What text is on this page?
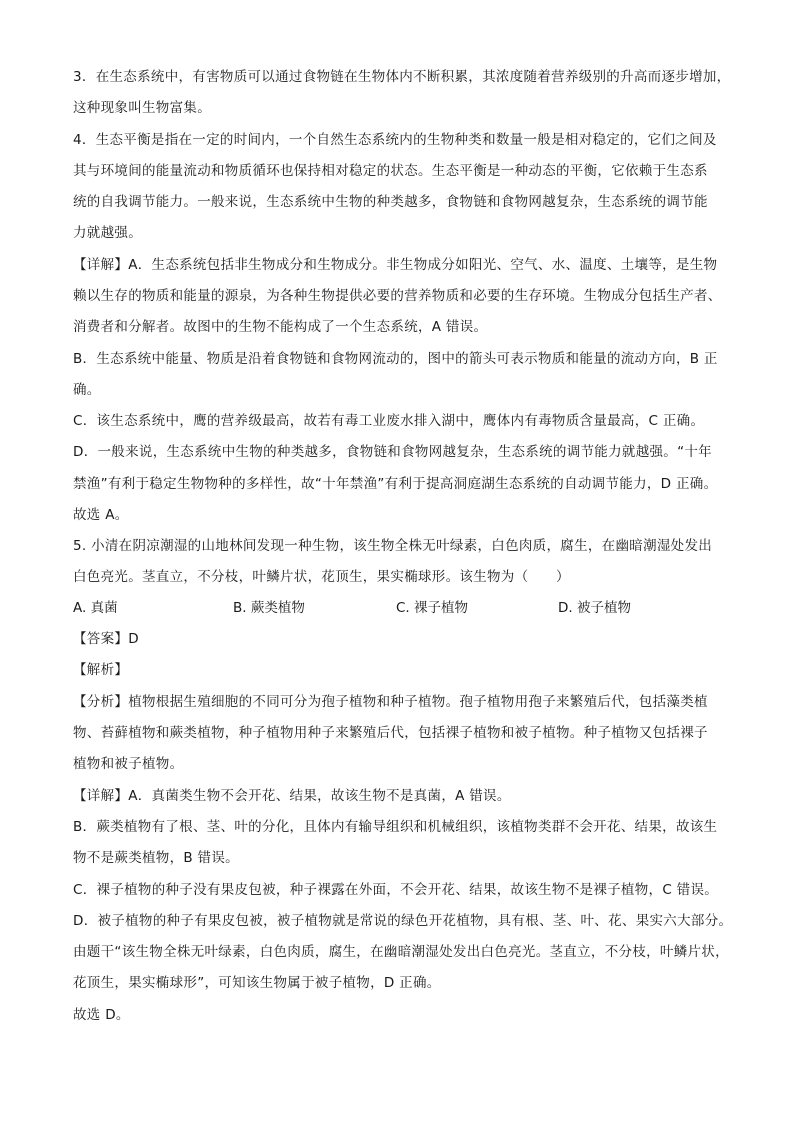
3．在生态系统中，有害物质可以通过食物链在生物体内不断积累，其浓度随着营养级别的升高而逐步增加，
这种现象叫生物富集。
4．生态平衡是指在一定的时间内，一个自然生态系统内的生物种类和数量一般是相对稳定的，它们之间及
其与环境间的能量流动和物质循环也保持相对稳定的状态。生态平衡是一种动态的平衡，它依赖于生态系
统的自我调节能力。一般来说，生态系统中生物的种类越多，食物链和食物网越复杂，生态系统的调节能
力就越强。
【详解】A．生态系统包括非生物成分和生物成分。非生物成分如阳光、空气、水、温度、土壤等，是生物
赖以生存的物质和能量的源泉，为各种生物提供必要的营养物质和必要的生存环境。生物成分包括生产者、
消费者和分解者。故图中的生物不能构成了一个生态系统，A 错误。
B．生态系统中能量、物质是沿着食物链和食物网流动的，图中的箭头可表示物质和能量的流动方向，B 正
确。
C．该生态系统中，鹰的营养级最高，故若有毒工业废水排入湖中，鹰体内有毒物质含量最高，C 正确。
D．一般来说，生态系统中生物的种类越多，食物链和食物网越复杂，生态系统的调节能力就越强。“十年
禁渔”有利于稳定生物物种的多样性，故“十年禁渔”有利于提高洞庭湖生态系统的自动调节能力，D 正确。
故选 A。
5. 小清在阴凉潮湿的山地林间发现一种生物，该生物全株无叶绿素，白色肉质，腐生，在幽暗潮湿处发出
白色亮光。茎直立，不分枝，叶鳞片状，花顶生，果实椭球形。该生物为（　　）
A. 真菌	B. 蕨类植物	C. 裸子植物	D. 被子植物
【答案】D
【解析】
【分析】植物根据生殖细胞的不同可分为孢子植物和种子植物。孢子植物用孢子来繁殖后代，包括藻类植
物、苔藓植物和蕨类植物，种子植物用种子来繁殖后代，包括裸子植物和被子植物。种子植物又包括裸子
植物和被子植物。
【详解】A．真菌类生物不会开花、结果，故该生物不是真菌，A 错误。
B．蕨类植物有了根、茎、叶的分化，且体内有输导组织和机械组织，该植物类群不会开花、结果，故该生
物不是蕨类植物，B 错误。
C．裸子植物的种子没有果皮包被，种子裸露在外面，不会开花、结果，故该生物不是裸子植物，C 错误。
D．被子植物的种子有果皮包被，被子植物就是常说的绿色开花植物，具有根、茎、叶、花、果实六大部分。
由题干“该生物全株无叶绿素，白色肉质，腐生，在幽暗潮湿处发出白色亮光。茎直立，不分枝，叶鳞片状，
花顶生，果实椭球形”，可知该生物属于被子植物，D 正确。
故选 D。
